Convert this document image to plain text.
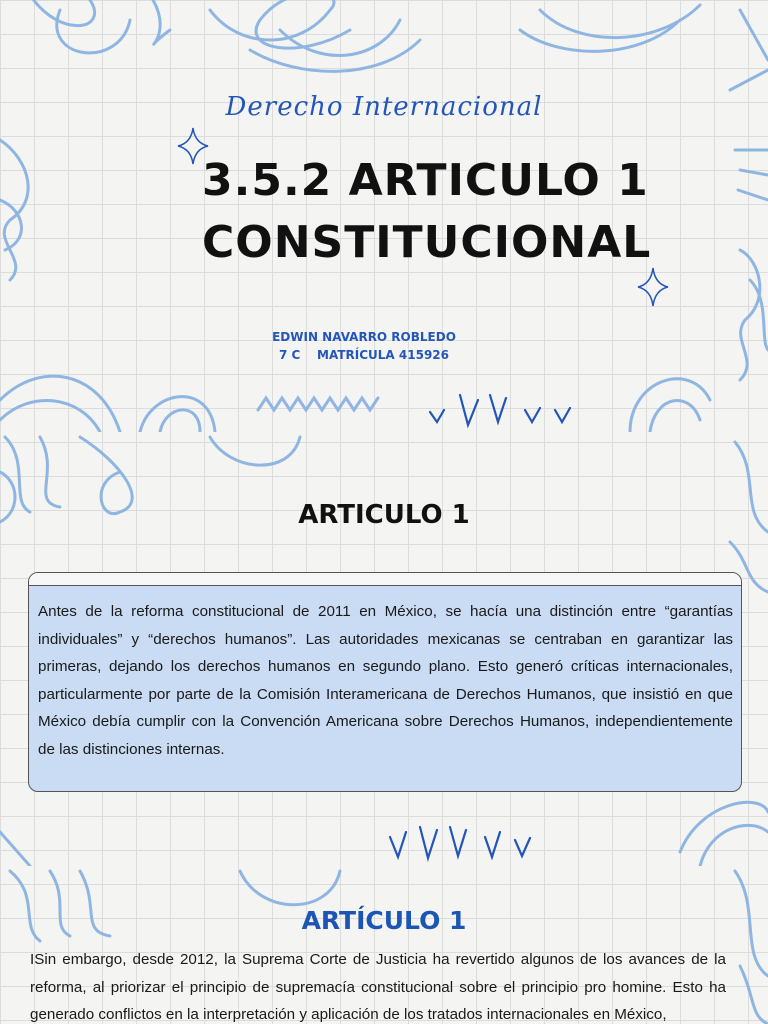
Derecho Internacional
3.5.2 ARTICULO 1
CONSTITUCIONAL
EDWIN NAVARRO ROBLEDO
7 C    MATRÍCULA 415926
ARTICULO 1
Antes de la reforma constitucional de 2011 en México, se hacía una distinción entre “garantías individuales” y “derechos humanos”. Las autoridades mexicanas se centraban en garantizar las primeras, dejando los derechos humanos en segundo plano. Esto generó críticas internacionales, particularmente por parte de la Comisión Interamericana de Derechos Humanos, que insistió en que México debía cumplir con la Convención Americana sobre Derechos Humanos, independientemente de las distinciones internas.
ARTÍCULO 1
ISin embargo, desde 2012, la Suprema Corte de Justicia ha revertido algunos de los avances de la reforma, al priorizar el principio de supremacía constitucional sobre el principio pro homine. Esto ha generado conflictos en la interpretación y aplicación de los tratados internacionales en México,
